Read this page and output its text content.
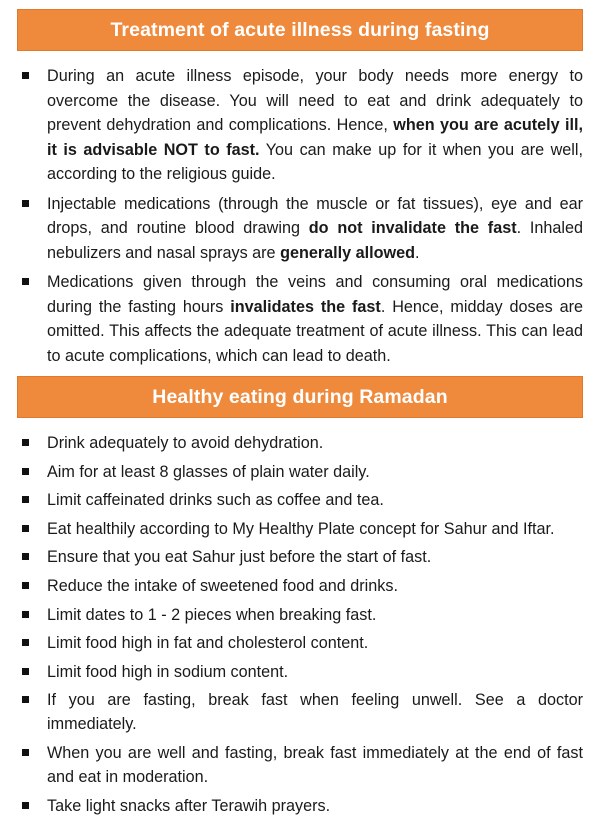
Treatment of acute illness during fasting
During an acute illness episode, your body needs more energy to overcome the disease. You will need to eat and drink adequately to prevent dehydration and complications. Hence, when you are acutely ill, it is advisable NOT to fast. You can make up for it when you are well, according to the religious guide.
Injectable medications (through the muscle or fat tissues), eye and ear drops, and routine blood drawing do not invalidate the fast. Inhaled nebulizers and nasal sprays are generally allowed.
Medications given through the veins and consuming oral medications during the fasting hours invalidates the fast. Hence, midday doses are omitted. This affects the adequate treatment of acute illness. This can lead to acute complications, which can lead to death.
Healthy eating during Ramadan
Drink adequately to avoid dehydration.
Aim for at least 8 glasses of plain water daily.
Limit caffeinated drinks such as coffee and tea.
Eat healthily according to My Healthy Plate concept for Sahur and Iftar.
Ensure that you eat Sahur just before the start of fast.
Reduce the intake of sweetened food and drinks.
Limit dates to 1 - 2 pieces when breaking fast.
Limit food high in fat and cholesterol content.
Limit food high in sodium content.
If you are fasting, break fast when feeling unwell. See a doctor immediately.
When you are well and fasting, break fast immediately at the end of fast and eat in moderation.
Take light snacks after Terawih prayers.
